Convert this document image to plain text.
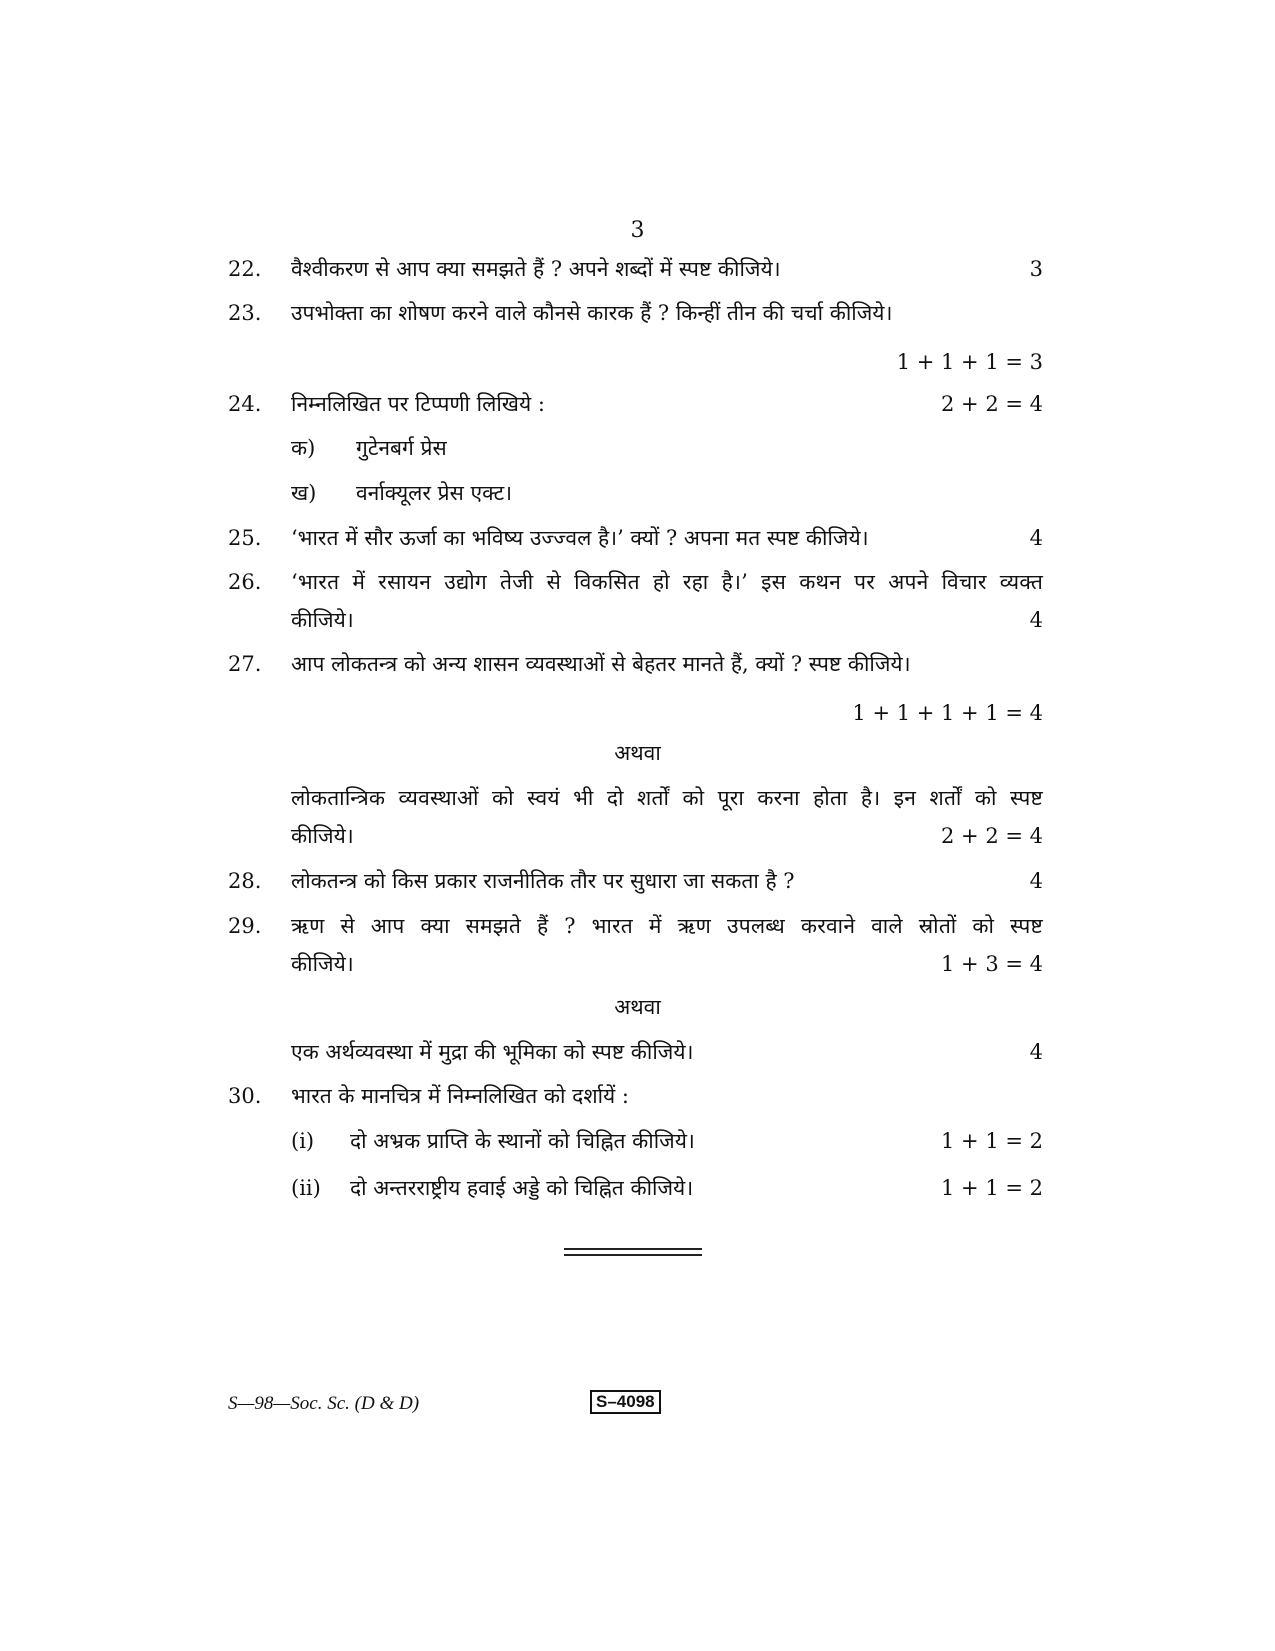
3
22.	वैश्वीकरण से आप क्या समझते हैं ? अपने शब्दों में स्पष्ट कीजिये।	3
23.	उपभोक्ता का शोषण करने वाले कौनसे कारक हैं ? किन्हीं तीन की चर्चा कीजिये।
1 + 1 + 1 = 3
24.	निम्नलिखित पर टिप्पणी लिखिये :	2 + 2 = 4
क)	गुटेनबर्ग प्रेस
ख)	वर्नाक्यूलर प्रेस एक्ट।
25.	‘भारत में सौर ऊर्जा का भविष्य उज्ज्वल है।’ क्यों ? अपना मत स्पष्ट कीजिये।	4
26.	‘भारत में रसायन उद्योग तेजी से विकसित हो रहा है।’ इस कथन पर अपने विचार व्यक्त
कीजिये।	4
27.	आप लोकतन्त्र को अन्य शासन व्यवस्थाओं से बेहतर मानते हैं, क्यों ? स्पष्ट कीजिये।
1 + 1 + 1 + 1 = 4
अथवा
लोकतान्त्रिक व्यवस्थाओं को स्वयं भी दो शर्तों को पूरा करना होता है। इन शर्तों को स्पष्ट
कीजिये।	2 + 2 = 4
28.	लोकतन्त्र को किस प्रकार राजनीतिक तौर पर सुधारा जा सकता है ?	4
29.	ऋण से आप क्या समझते हैं ? भारत में ऋण उपलब्ध करवाने वाले स्रोतों को स्पष्ट
कीजिये।	1 + 3 = 4
अथवा
एक अर्थव्यवस्था में मुद्रा की भूमिका को स्पष्ट कीजिये।	4
30.	भारत के मानचित्र में निम्नलिखित को दर्शायें :
(i)	दो अभ्रक प्राप्ति के स्थानों को चिह्नित कीजिये।	1 + 1 = 2
(ii)	दो अन्तरराष्ट्रीय हवाई अड्डे को चिह्नित कीजिये।	1 + 1 = 2
S—98—Soc. Sc. (D & D)	S–4098
